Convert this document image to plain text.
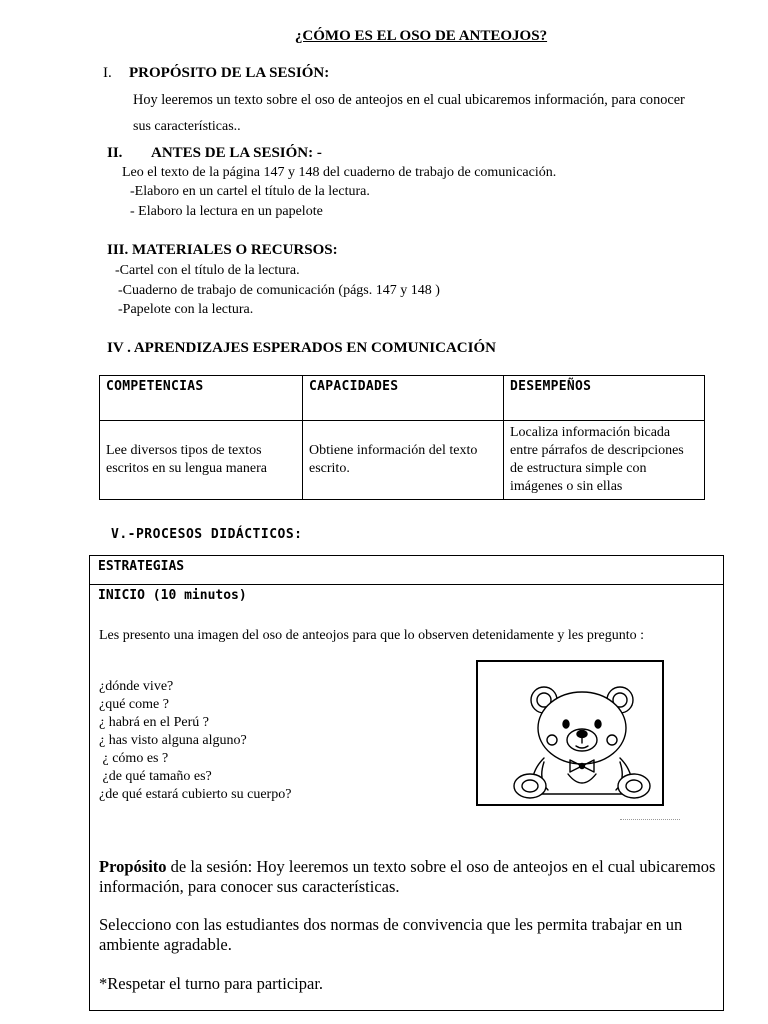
¿CÓMO ES EL OSO DE ANTEOJOS?
I. PROPÓSITO DE LA SESIÓN:
Hoy leeremos un texto sobre el oso de anteojos en el cual ubicaremos información, para conocer
sus características..
II. ANTES DE LA SESIÓN: -
Leo el texto de la página 147 y 148 del cuaderno de trabajo de comunicación.
-Elaboro en un cartel el título de la lectura.
- Elaboro la lectura en un papelote
III. MATERIALES O RECURSOS:
-Cartel con el título de la lectura.
-Cuaderno de trabajo de comunicación (págs. 147 y 148 )
-Papelote con la lectura.
IV . APRENDIZAJES ESPERADOS EN COMUNICACIÓN
COMPETENCIAS	CAPACIDADES	DESEMPEÑOS
Lee diversos tipos de textos escritos en su lengua manera	Obtiene información del texto escrito.	Localiza información bicada entre párrafos de descripciones de estructura simple con imágenes o sin ellas
V.-PROCESOS DIDÁCTICOS:
ESTRATEGIAS
INICIO (10 minutos)
Les presento una imagen del oso de anteojos para que lo observen detenidamente y les pregunto :
¿dónde vive?
¿qué come ?
¿ habrá en el Perú ?
¿ has visto alguna alguno?
¿ cómo es ?
¿de qué tamaño es?
¿de qué estará cubierto su cuerpo?
Propósito de la sesión: Hoy leeremos un texto sobre el oso de anteojos en el cual ubicaremos información, para conocer sus características.
Selecciono con las estudiantes dos normas de convivencia que les permita trabajar en un ambiente agradable.
*Respetar el turno para participar.
